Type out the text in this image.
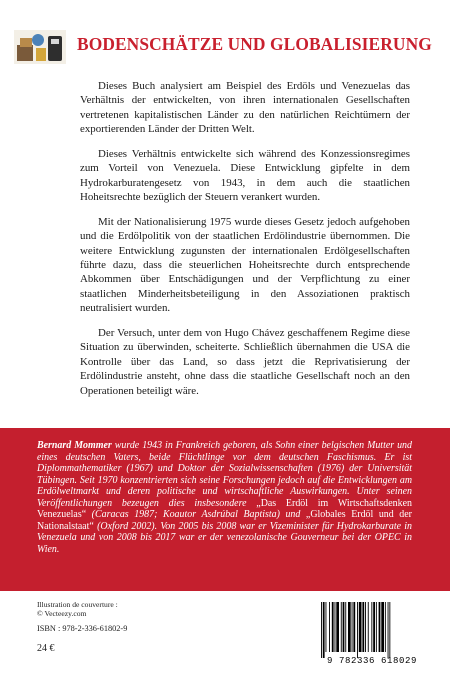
BODENSCHÄTZE UND GLOBALISIERUNG

Dieses Buch analysiert am Beispiel des Erdöls und Venezuelas das Verhältnis der entwickelten, von ihren internationalen Gesellschaften vertretenen kapitalistischen Länder zu den natürlichen Reichtümern der exportierenden Länder der Dritten Welt.

Dieses Verhältnis entwickelte sich während des Konzessionsregimes zum Vorteil von Venezuela. Diese Entwicklung gipfelte in dem Hydrokarburatengesetz von 1943, in dem auch die staatlichen Hoheitsrechte bezüglich der Steuern verankert wurden.

Mit der Nationalisierung 1975 wurde dieses Gesetz jedoch aufgehoben und die Erdölpolitik von der staatlichen Erdölindustrie übernommen. Die weitere Entwicklung zugunsten der internationalen Erdölgesellschaften führte dazu, dass die steuerlichen Hoheitsrechte durch entsprechende Abkommen über Entschädigungen und der Verpflichtung zu einer staatlichen Minderheitsbeteiligung in den Assoziationen praktisch neutralisiert wurden.

Der Versuch, unter dem von Hugo Chávez geschaffenem Regime diese Situation zu überwinden, scheiterte. Schließlich übernahmen die USA die Kontrolle über das Land, so dass jetzt die Reprivatisierung der Erdölindustrie ansteht, ohne dass die staatliche Gesellschaft noch an den Operationen beteiligt wäre.

Bernard Mommer wurde 1943 in Frankreich geboren, als Sohn einer belgischen Mutter und eines deutschen Vaters, beide Flüchtlinge vor dem deutschen Faschismus. Er ist Diplommathematiker (1967) und Doktor der Sozialwissenschaften (1976) der Universität Tübingen. Seit 1970 konzentrierten sich seine Forschungen jedoch auf die Entwicklungen am Erdölweltmarkt und deren politische und wirtschaftliche Auswirkungen. Unter seinen Veröffentlichungen bezeugen dies insbesondere „Das Erdöl im Wirtschaftsdenken Venezuelas“ (Caracas 1987; Koautor Asdrúbal Baptista) und „Globales Erdöl und der Nationalstaat“ (Oxford 2002). Von 2005 bis 2008 war er Vizeminister für Hydrokarburate in Venezuela und von 2008 bis 2017 war er der venezolanische Gouverneur bei der OPEC in Wien.

Illustration de couverture :
© Vecteezy.com
ISBN : 978-2-336-61802-9
24 €
9 782336 618029
